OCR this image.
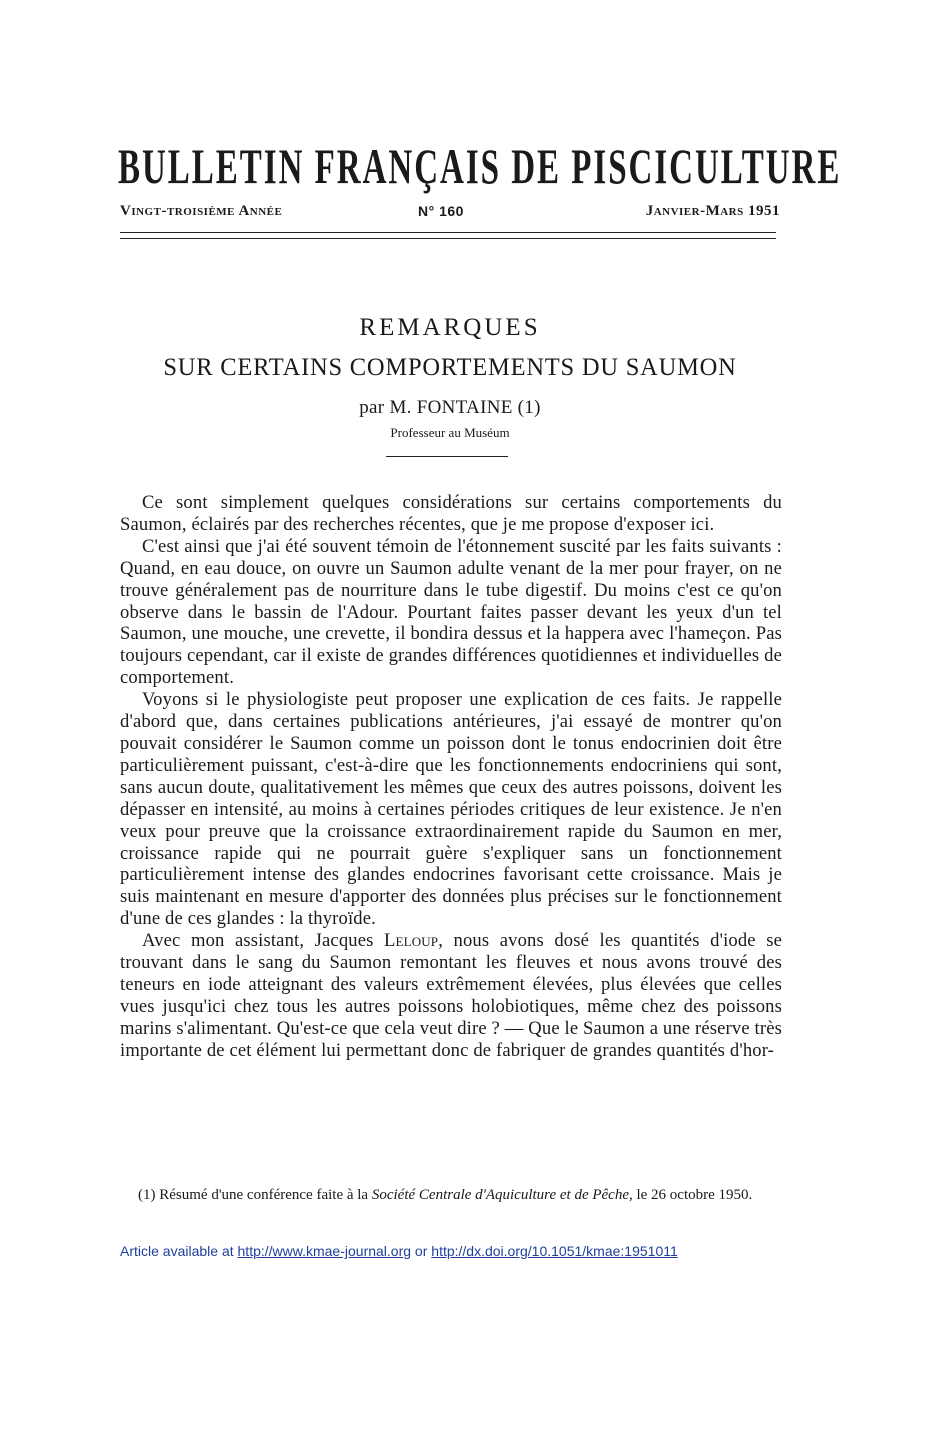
BULLETIN FRANÇAIS DE PISCICULTURE
Vingt-troisième Année	N° 160	Janvier-Mars 1951
REMARQUES
SUR CERTAINS COMPORTEMENTS DU SAUMON
par M. FONTAINE (1)
Professeur au Muséum

Ce sont simplement quelques considérations sur certains comportements du Saumon, éclairés par des recherches récentes, que je me propose d'exposer ici.

C'est ainsi que j'ai été souvent témoin de l'étonnement suscité par les faits suivants : Quand, en eau douce, on ouvre un Saumon adulte venant de la mer pour frayer, on ne trouve généralement pas de nourriture dans le tube digestif. Du moins c'est ce qu'on observe dans le bassin de l'Adour. Pourtant faites passer devant les yeux d'un tel Saumon, une mouche, une crevette, il bondira dessus et la happera avec l'hameçon. Pas toujours cependant, car il existe de grandes différences quotidiennes et individuelles de comportement.

Voyons si le physiologiste peut proposer une explication de ces faits. Je rappelle d'abord que, dans certaines publications antérieures, j'ai essayé de montrer qu'on pouvait considérer le Saumon comme un poisson dont le tonus endocrinien doit être particulièrement puissant, c'est-à-dire que les fonctionnements endocriniens qui sont, sans aucun doute, qualitativement les mêmes que ceux des autres poissons, doivent les dépasser en intensité, au moins à certaines périodes critiques de leur existence. Je n'en veux pour preuve que la croissance extraordinairement rapide du Saumon en mer, croissance rapide qui ne pourrait guère s'expliquer sans un fonctionnement particulièrement intense des glandes endocrines favorisant cette croissance. Mais je suis maintenant en mesure d'apporter des données plus précises sur le fonctionnement d'une de ces glandes : la thyroïde.

Avec mon assistant, Jacques Leloup, nous avons dosé les quantités d'iode se trouvant dans le sang du Saumon remontant les fleuves et nous avons trouvé des teneurs en iode atteignant des valeurs extrêmement élevées, plus élevées que celles vues jusqu'ici chez tous les autres poissons holobiotiques, même chez des poissons marins s'alimentant. Qu'est-ce que cela veut dire ? — Que le Saumon a une réserve très importante de cet élément lui permettant donc de fabriquer de grandes quantités d'hor-

(1) Résumé d'une conférence faite à la Société Centrale d'Aquiculture et de Pêche, le 26 octobre 1950.

Article available at http://www.kmae-journal.org or http://dx.doi.org/10.1051/kmae:1951011
